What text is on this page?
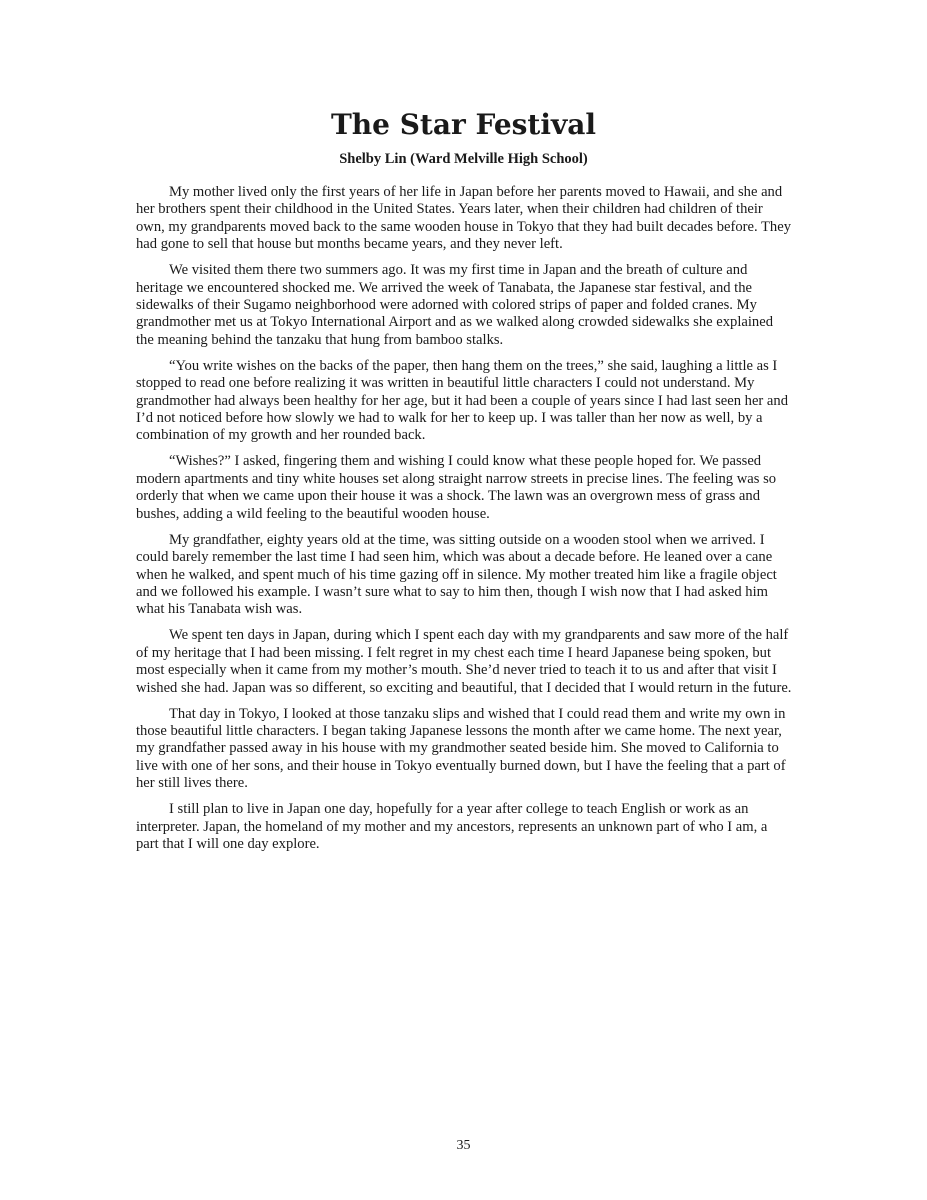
The Star Festival
Shelby Lin (Ward Melville High School)

My mother lived only the first years of her life in Japan before her parents moved to Hawaii, and she and her brothers spent their childhood in the United States. Years later, when their children had children of their own, my grandparents moved back to the same wooden house in Tokyo that they had built decades before. They had gone to sell that house but months became years, and they never left.

We visited them there two summers ago. It was my first time in Japan and the breath of culture and heritage we encountered shocked me. We arrived the week of Tanabata, the Japanese star festival, and the sidewalks of their Sugamo neighborhood were adorned with colored strips of paper and folded cranes. My grandmother met us at Tokyo International Airport and as we walked along crowded sidewalks she explained the meaning behind the tanzaku that hung from bamboo stalks.

“You write wishes on the backs of the paper, then hang them on the trees,” she said, laughing a little as I stopped to read one before realizing it was written in beautiful little characters I could not understand. My grandmother had always been healthy for her age, but it had been a couple of years since I had last seen her and I’d not noticed before how slowly we had to walk for her to keep up. I was taller than her now as well, by a combination of my growth and her rounded back.

“Wishes?” I asked, fingering them and wishing I could know what these people hoped for. We passed modern apartments and tiny white houses set along straight narrow streets in precise lines. The feeling was so orderly that when we came upon their house it was a shock. The lawn was an overgrown mess of grass and bushes, adding a wild feeling to the beautiful wooden house.

My grandfather, eighty years old at the time, was sitting outside on a wooden stool when we arrived. I could barely remember the last time I had seen him, which was about a decade before. He leaned over a cane when he walked, and spent much of his time gazing off in silence. My mother treated him like a fragile object and we followed his example. I wasn’t sure what to say to him then, though I wish now that I had asked him what his Tanabata wish was.

We spent ten days in Japan, during which I spent each day with my grandparents and saw more of the half of my heritage that I had been missing. I felt regret in my chest each time I heard Japanese being spoken, but most especially when it came from my mother’s mouth. She’d never tried to teach it to us and after that visit I wished she had. Japan was so different, so exciting and beautiful, that I decided that I would return in the future.

That day in Tokyo, I looked at those tanzaku slips and wished that I could read them and write my own in those beautiful little characters. I began taking Japanese lessons the month after we came home. The next year, my grandfather passed away in his house with my grandmother seated beside him. She moved to California to live with one of her sons, and their house in Tokyo eventually burned down, but I have the feeling that a part of her still lives there.

I still plan to live in Japan one day, hopefully for a year after college to teach English or work as an interpreter. Japan, the homeland of my mother and my ancestors, represents an unknown part of who I am, a part that I will one day explore.

35
